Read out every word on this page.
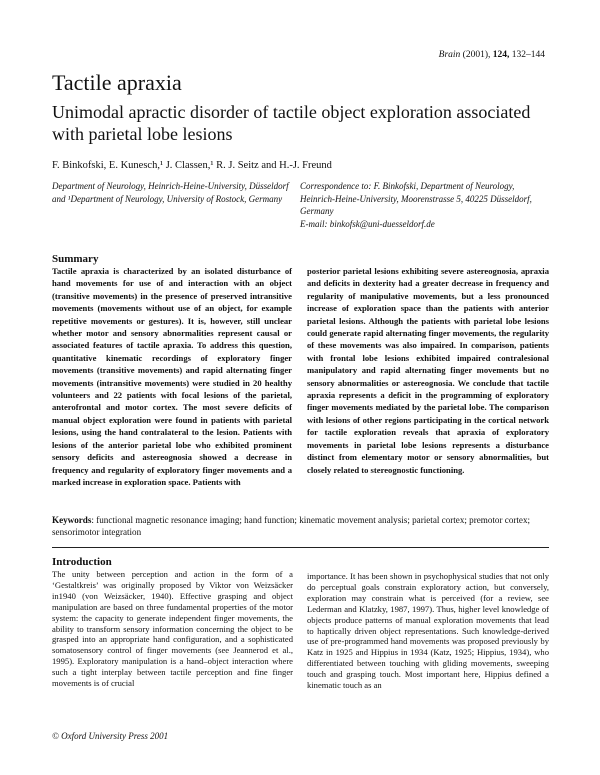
Brain (2001), 124, 132–144
Tactile apraxia
Unimodal apractic disorder of tactile object exploration associated with parietal lobe lesions
F. Binkofski, E. Kunesch,¹ J. Classen,¹ R. J. Seitz and H.-J. Freund
Department of Neurology, Heinrich-Heine-University, Düsseldorf and ¹Department of Neurology, University of Rostock, Germany
Correspondence to: F. Binkofski, Department of Neurology, Heinrich-Heine-University, Moorenstrasse 5, 40225 Düsseldorf, Germany
E-mail: binkofsk@uni-duesseldorf.de
Summary
Tactile apraxia is characterized by an isolated disturbance of hand movements for use of and interaction with an object (transitive movements) in the presence of preserved intransitive movements (movements without use of an object, for example repetitive movements or gestures). It is, however, still unclear whether motor and sensory abnormalities represent causal or associated features of tactile apraxia. To address this question, quantitative kinematic recordings of exploratory finger movements (transitive movements) and rapid alternating finger movements (intransitive movements) were studied in 20 healthy volunteers and 22 patients with focal lesions of the parietal, anterofrontal and motor cortex. The most severe deficits of manual object exploration were found in patients with parietal lesions, using the hand contralateral to the lesion. Patients with lesions of the anterior parietal lobe who exhibited prominent sensory deficits and astereognosia showed a decrease in frequency and regularity of exploratory finger movements and a marked increase in exploration space. Patients with
posterior parietal lesions exhibiting severe astereognosia, apraxia and deficits in dexterity had a greater decrease in frequency and regularity of manipulative movements, but a less pronounced increase of exploration space than the patients with anterior parietal lesions. Although the patients with parietal lobe lesions could generate rapid alternating finger movements, the regularity of these movements was also impaired. In comparison, patients with frontal lobe lesions exhibited impaired contralesional manipulatory and rapid alternating finger movements but no sensory abnormalities or astereognosia. We conclude that tactile apraxia represents a deficit in the programming of exploratory finger movements mediated by the parietal lobe. The comparison with lesions of other regions participating in the cortical network for tactile exploration reveals that apraxia of exploratory movements in parietal lobe lesions represents a disturbance distinct from elementary motor or sensory abnormalities, but closely related to stereognostic functioning.
Keywords: functional magnetic resonance imaging; hand function; kinematic movement analysis; parietal cortex; premotor cortex; sensorimotor integration
Introduction
The unity between perception and action in the form of a ‘Gestaltkreis’ was originally proposed by Viktor von Weizsäcker in1940 (von Weizsäcker, 1940). Effective grasping and object manipulation are based on three fundamental properties of the motor system: the capacity to generate independent finger movements, the ability to transform sensory information concerning the object to be grasped into an appropriate hand configuration, and a sophisticated somatosensory control of finger movements (see Jeannerod et al., 1995). Exploratory manipulation is a hand–object interaction where such a tight interplay between tactile perception and fine finger movements is of crucial
importance. It has been shown in psychophysical studies that not only do perceptual goals constrain exploratory action, but conversely, exploration may constrain what is perceived (for a review, see Lederman and Klatzky, 1987, 1997). Thus, higher level knowledge of objects produce patterns of manual exploration movements that lead to haptically driven object representations. Such knowledge-derived use of pre-programmed hand movements was proposed previously by Katz in 1925 and Hippius in 1934 (Katz, 1925; Hippius, 1934), who differentiated between touching with gliding movements, sweeping touch and grasping touch. Most important here, Hippius defined a kinematic touch as an
© Oxford University Press 2001
